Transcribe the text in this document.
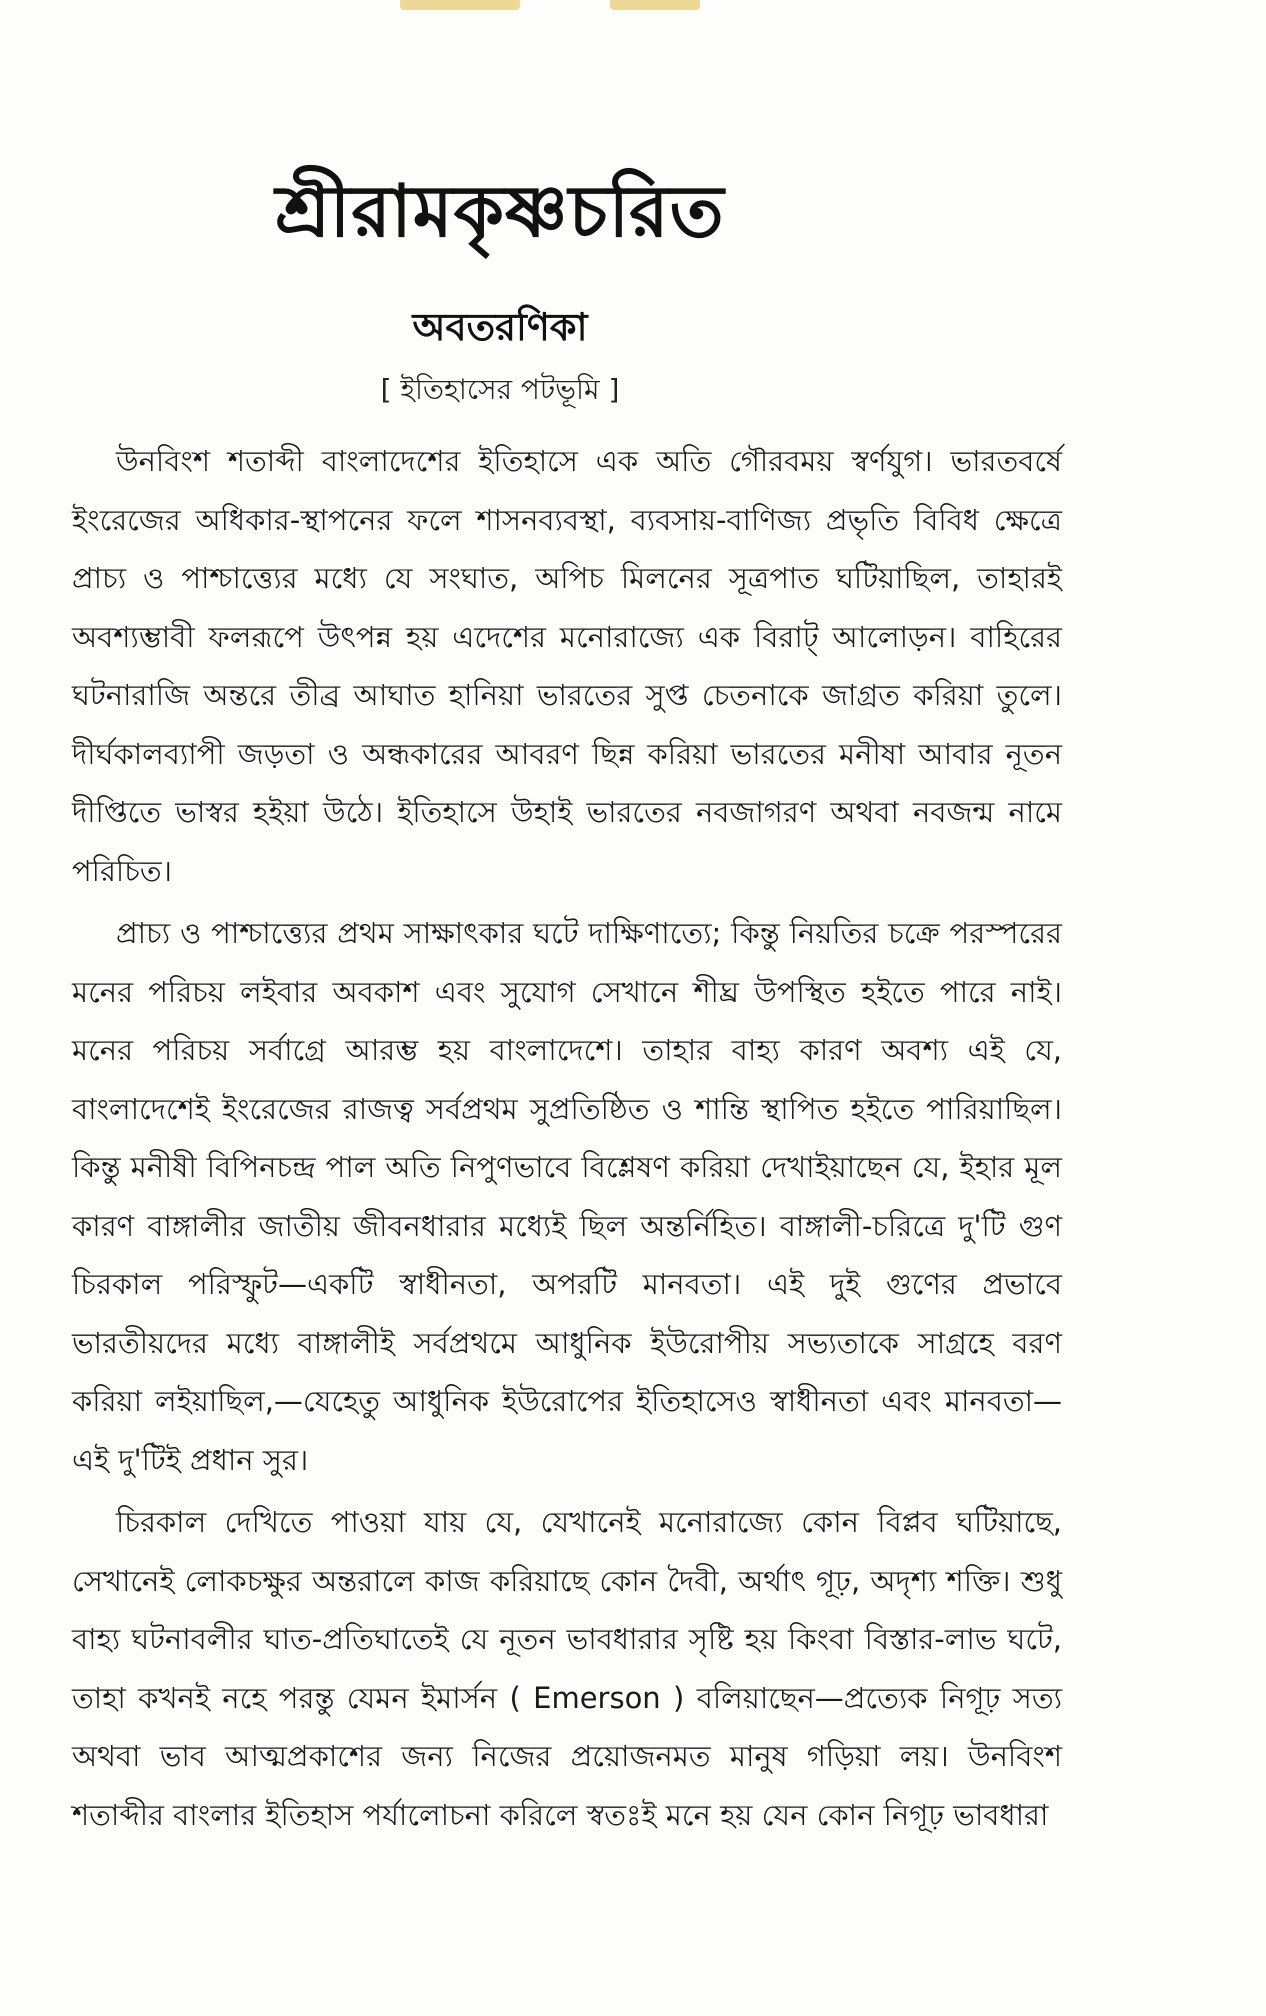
শ্রীরামকৃষ্ণচরিত
অবতরণিকা
[ ইতিহাসের পটভূমি ]

উনবিংশ শতাব্দী বাংলাদেশের ইতিহাসে এক অতি গৌরবময় স্বর্ণযুগ। ভারতবর্ষে ইংরেজের অধিকার-স্থাপনের ফলে শাসনব্যবস্থা, ব্যবসায়-বাণিজ্য প্রভৃতি বিবিধ ক্ষেত্রে প্রাচ্য ও পাশ্চাত্ত্যের মধ্যে যে সংঘাত, অপিচ মিলনের সূত্রপাত ঘটিয়াছিল, তাহারই অবশ্যম্ভাবী ফলরূপে উৎপন্ন হয় এদেশের মনোরাজ্যে এক বিরাট্ আলোড়ন। বাহিরের ঘটনারাজি অন্তরে তীব্র আঘাত হানিয়া ভারতের সুপ্ত চেতনাকে জাগ্রত করিয়া তুলে। দীর্ঘকালব্যাপী জড়তা ও অন্ধকারের আবরণ ছিন্ন করিয়া ভারতের মনীষা আবার নূতন দীপ্তিতে ভাস্বর হইয়া উঠে। ইতিহাসে উহাই ভারতের নবজাগরণ অথবা নবজন্ম নামে পরিচিত।

প্রাচ্য ও পাশ্চাত্ত্যের প্রথম সাক্ষাৎকার ঘটে দাক্ষিণাত্যে; কিন্তু নিয়তির চক্রে পরস্পরের মনের পরিচয় লইবার অবকাশ এবং সুযোগ সেখানে শীঘ্র উপস্থিত হইতে পারে নাই। মনের পরিচয় সর্বাগ্রে আরম্ভ হয় বাংলাদেশে। তাহার বাহ্য কারণ অবশ্য এই যে, বাংলাদেশেই ইংরেজের রাজত্ব সর্বপ্রথম সুপ্রতিষ্ঠিত ও শান্তি স্থাপিত হইতে পারিয়াছিল। কিন্তু মনীষী বিপিনচন্দ্র পাল অতি নিপুণভাবে বিশ্লেষণ করিয়া দেখাইয়াছেন যে, ইহার মূল কারণ বাঙ্গালীর জাতীয় জীবনধারার মধ্যেই ছিল অন্তর্নিহিত। বাঙ্গালী-চরিত্রে দু'টি গুণ চিরকাল পরিস্ফুট—একটি স্বাধীনতা, অপরটি মানবতা। এই দুই গুণের প্রভাবে ভারতীয়দের মধ্যে বাঙ্গালীই সর্বপ্রথমে আধুনিক ইউরোপীয় সভ্যতাকে সাগ্রহে বরণ করিয়া লইয়াছিল,—যেহেতু আধুনিক ইউরোপের ইতিহাসেও স্বাধীনতা এবং মানবতা—এই দু'টিই প্রধান সুর।

চিরকাল দেখিতে পাওয়া যায় যে, যেখানেই মনোরাজ্যে কোন বিপ্লব ঘটিয়াছে, সেখানেই লোকচক্ষুর অন্তরালে কাজ করিয়াছে কোন দৈবী, অর্থাৎ গূঢ়, অদৃশ্য শক্তি। শুধু বাহ্য ঘটনাবলীর ঘাত-প্রতিঘাতেই যে নূতন ভাবধারার সৃষ্টি হয় কিংবা বিস্তার-লাভ ঘটে, তাহা কখনই নহে পরন্তু যেমন ইমার্সন ( Emerson ) বলিয়াছেন—প্রত্যেক নিগূঢ় সত্য অথবা ভাব আত্মপ্রকাশের জন্য নিজের প্রয়োজনমত মানুষ গড়িয়া লয়। উনবিংশ শতাব্দীর বাংলার ইতিহাস পর্যালোচনা করিলে স্বতঃই মনে হয় যেন কোন নিগূঢ় ভাবধারা
